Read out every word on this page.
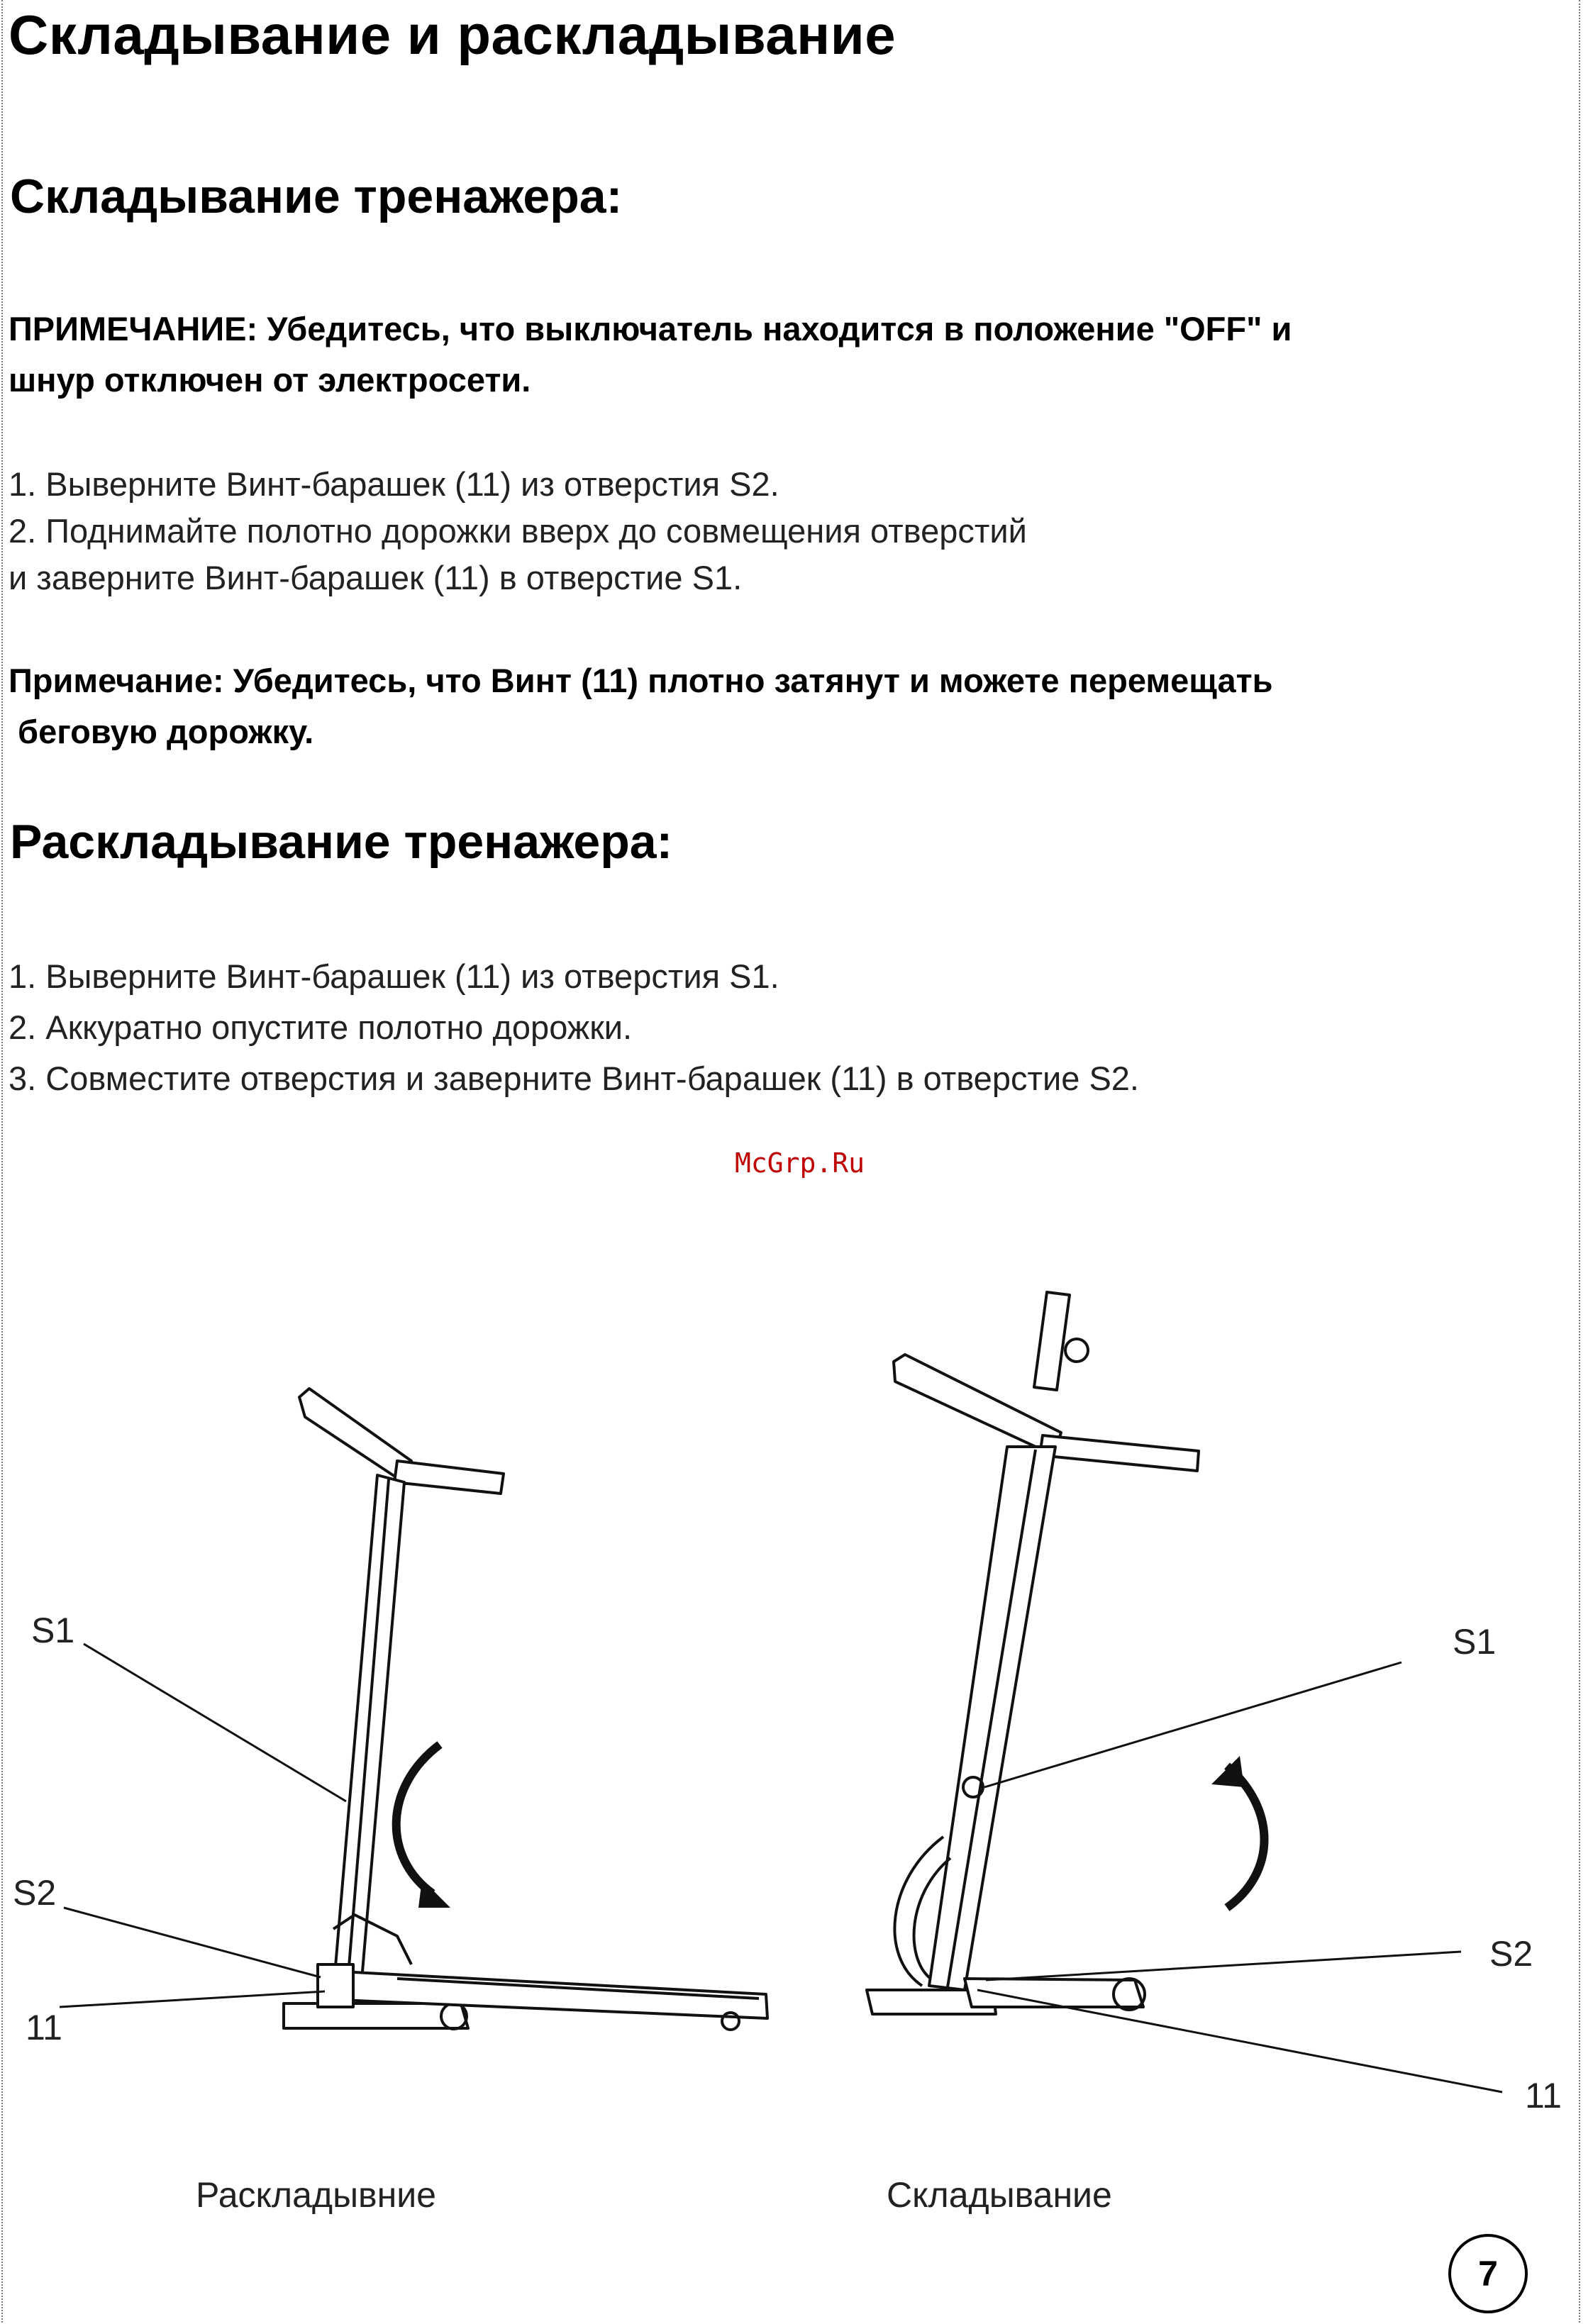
Складывание и раскладывание
Складывание тренажера:
ПРИМЕЧАНИЕ: Убедитесь, что выключатель находится в положение "OFF" и
шнур отключен от электросети.
1. Выверните Винт-барашек (11) из отверстия S2.
2. Поднимайте полотно дорожки вверх до совмещения отверстий
и заверните Винт-барашек (11) в отверстие S1.
Примечание: Убедитесь, что Винт (11) плотно затянут и можете перемещать
беговую дорожку.
Раскладывание тренажера:
1. Выверните Винт-барашек (11) из отверстия S1.
2. Аккуратно опустите полотно дорожки.
3. Совместите отверстия и заверните Винт-барашек (11) в отверстие S2.
McGrp.Ru
S1
S2
11
Раскладывние
S1
S2
11
Складывание
7
